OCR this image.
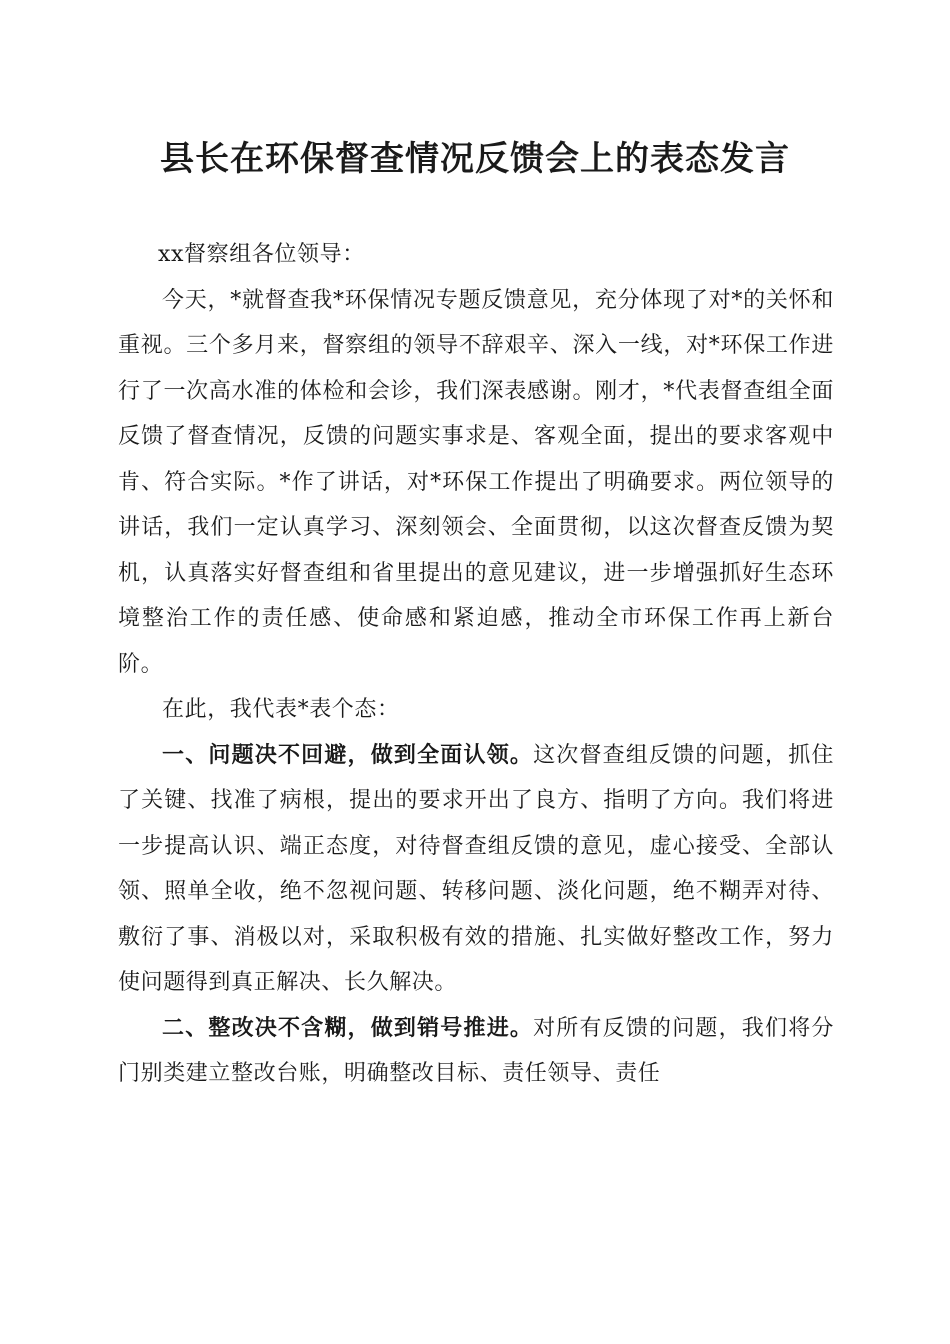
县长在环保督查情况反馈会上的表态发言

xx督察组各位领导：

今天，*就督查我*环保情况专题反馈意见，充分体现了对*的关怀和重视。三个多月来，督察组的领导不辞艰辛、深入一线，对*环保工作进行了一次高水准的体检和会诊，我们深表感谢。刚才，*代表督查组全面反馈了督查情况，反馈的问题实事求是、客观全面，提出的要求客观中肯、符合实际。*作了讲话，对*环保工作提出了明确要求。两位领导的讲话，我们一定认真学习、深刻领会、全面贯彻，以这次督查反馈为契机，认真落实好督查组和省里提出的意见建议，进一步增强抓好生态环境整治工作的责任感、使命感和紧迫感，推动全市环保工作再上新台阶。

在此，我代表*表个态：

一、问题决不回避，做到全面认领。这次督查组反馈的问题，抓住了关键、找准了病根，提出的要求开出了良方、指明了方向。我们将进一步提高认识、端正态度，对待督查组反馈的意见，虚心接受、全部认领、照单全收，绝不忽视问题、转移问题、淡化问题，绝不糊弄对待、敷衍了事、消极以对，采取积极有效的措施、扎实做好整改工作，努力使问题得到真正解决、长久解决。

二、整改决不含糊，做到销号推进。对所有反馈的问题，我们将分门别类建立整改台账，明确整改目标、责任领导、责任
